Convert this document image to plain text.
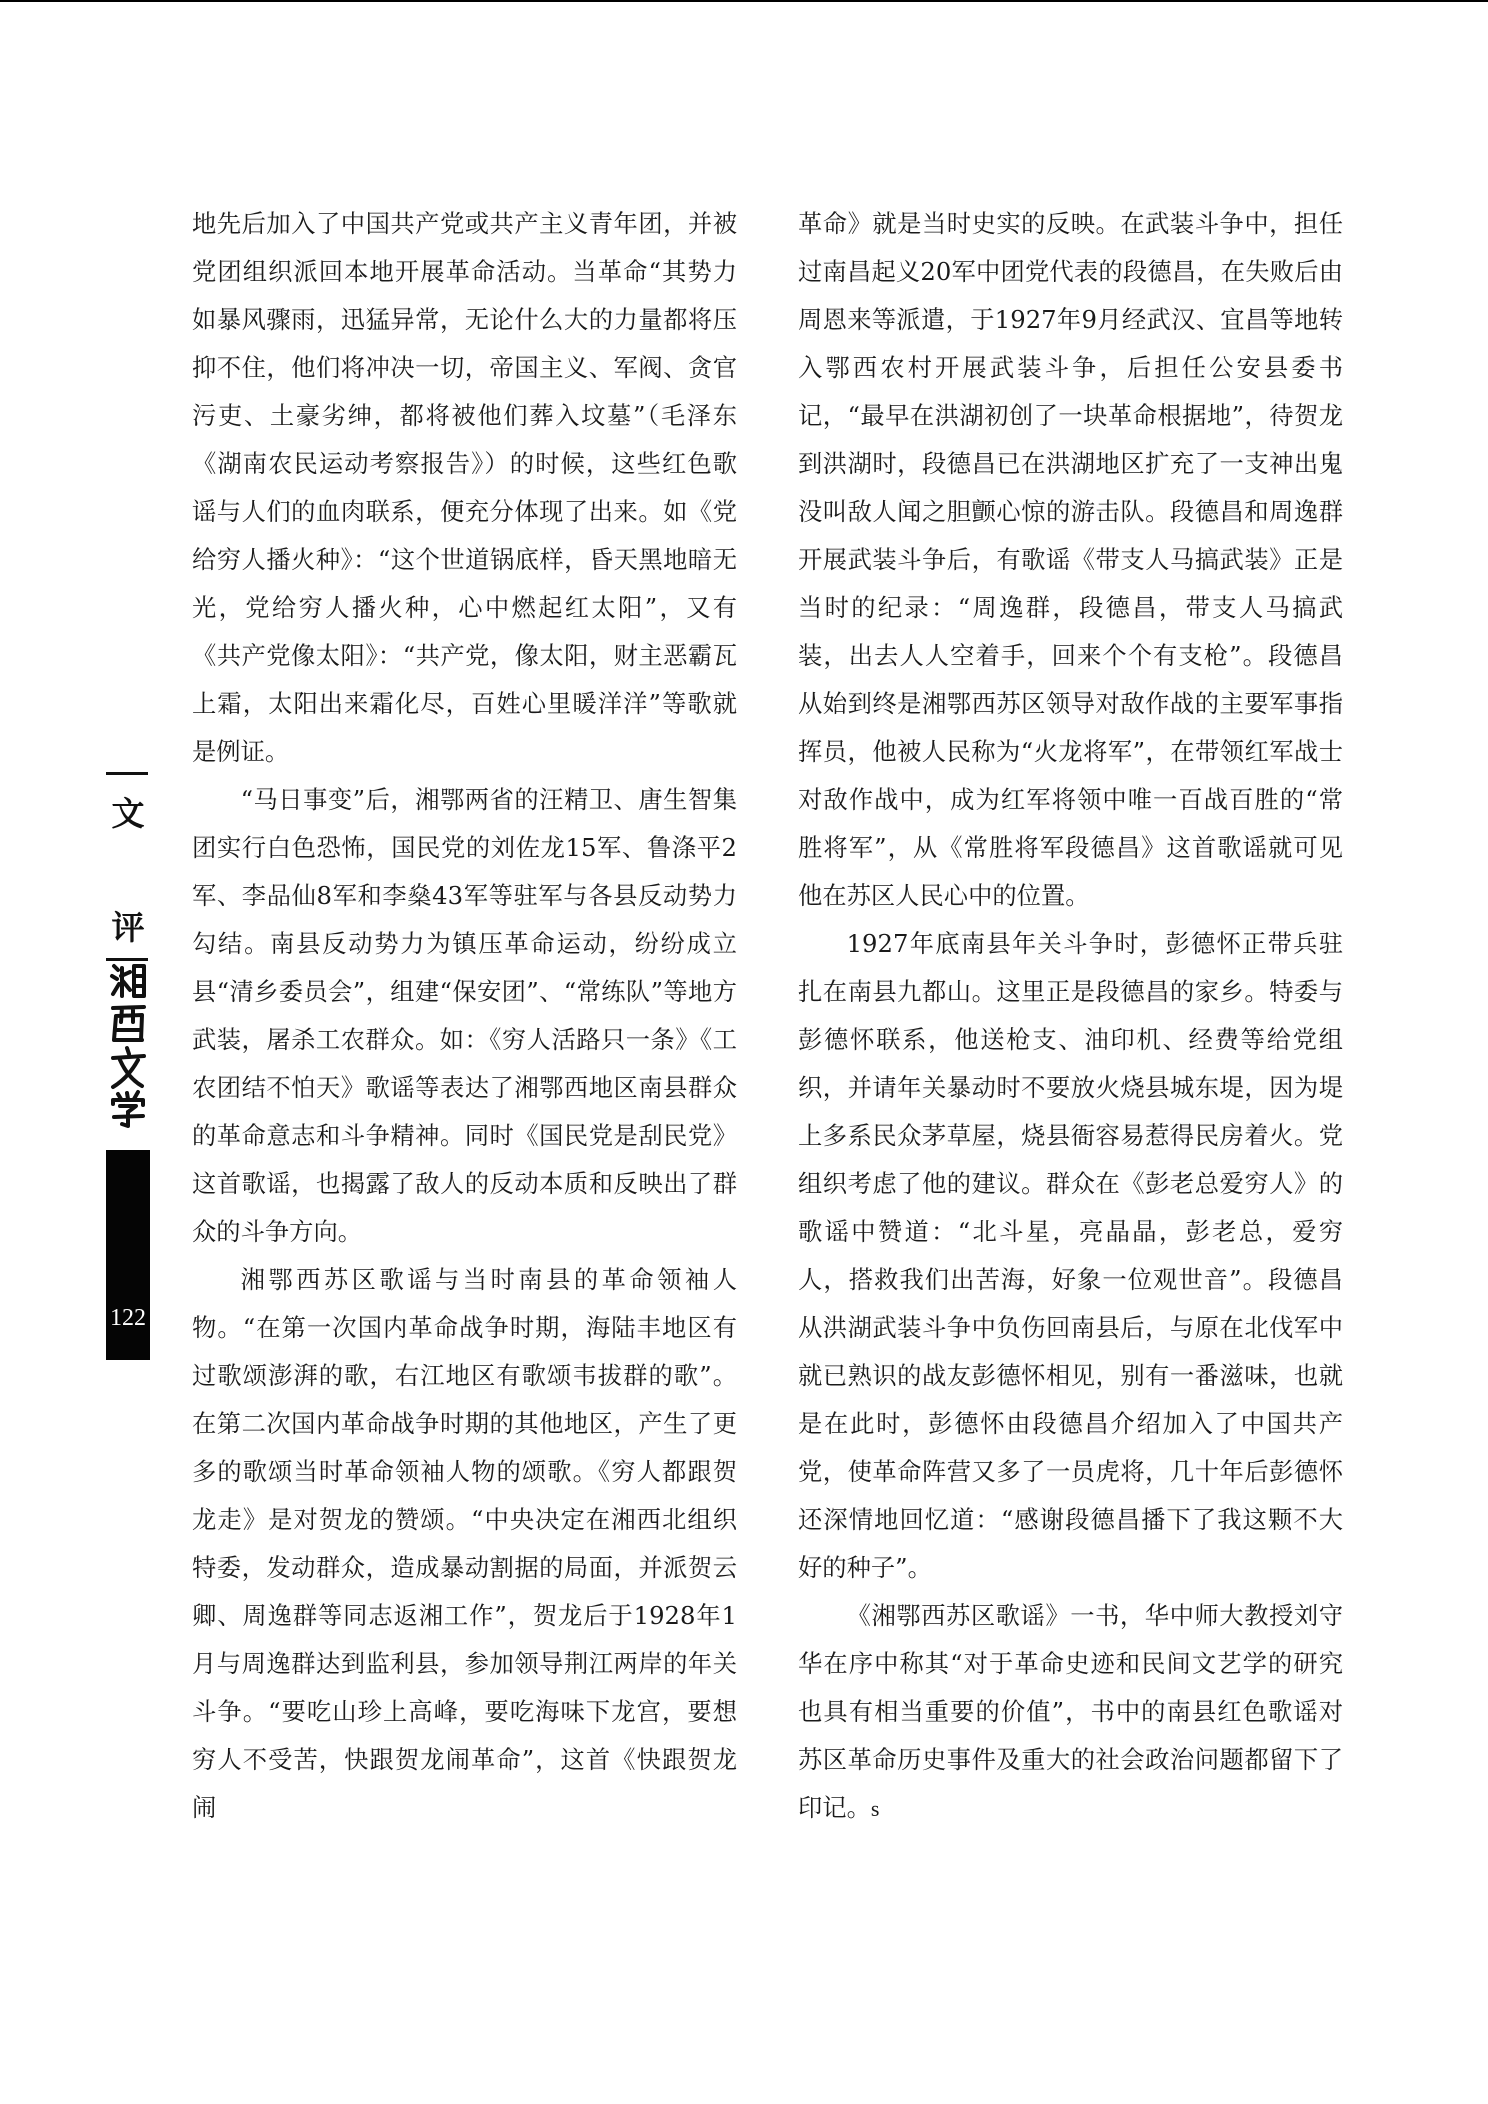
文
评
122

地先后加入了中国共产党或共产主义青年团，并被党团组织派回本地开展革命活动。当革命“其势力如暴风骤雨，迅猛异常，无论什么大的力量都将压抑不住，他们将冲决一切，帝国主义、军阀、贪官污吏、土豪劣绅，都将被他们葬入坟墓”（毛泽东《湖南农民运动考察报告》）的时候，这些红色歌谣与人们的血肉联系，便充分体现了出来。如《党给穷人播火种》：“这个世道锅底样，昏天黑地暗无光，党给穷人播火种，心中燃起红太阳”，又有《共产党像太阳》：“共产党，像太阳，财主恶霸瓦上霜，太阳出来霜化尽，百姓心里暖洋洋”等歌就是例证。

“马日事变”后，湘鄂两省的汪精卫、唐生智集团实行白色恐怖，国民党的刘佐龙15军、鲁涤平2军、李品仙8军和李燊43军等驻军与各县反动势力勾结。南县反动势力为镇压革命运动，纷纷成立县“清乡委员会”，组建“保安团”、“常练队”等地方武装，屠杀工农群众。如：《穷人活路只一条》《工农团结不怕天》歌谣等表达了湘鄂西地区南县群众的革命意志和斗争精神。同时《国民党是刮民党》这首歌谣，也揭露了敌人的反动本质和反映出了群众的斗争方向。

湘鄂西苏区歌谣与当时南县的革命领袖人物。“在第一次国内革命战争时期，海陆丰地区有过歌颂澎湃的歌，右江地区有歌颂韦拔群的歌”。在第二次国内革命战争时期的其他地区，产生了更多的歌颂当时革命领袖人物的颂歌。《穷人都跟贺龙走》是对贺龙的赞颂。“中央决定在湘西北组织特委，发动群众，造成暴动割据的局面，并派贺云卿、周逸群等同志返湘工作”，贺龙后于1928年1月与周逸群达到监利县，参加领导荆江两岸的年关斗争。“要吃山珍上高峰，要吃海味下龙宫，要想穷人不受苦，快跟贺龙闹革命”，这首《快跟贺龙闹

革命》就是当时史实的反映。在武装斗争中，担任过南昌起义20军中团党代表的段德昌，在失败后由周恩来等派遣，于1927年9月经武汉、宜昌等地转入鄂西农村开展武装斗争，后担任公安县委书记，“最早在洪湖初创了一块革命根据地”，待贺龙到洪湖时，段德昌已在洪湖地区扩充了一支神出鬼没叫敌人闻之胆颤心惊的游击队。段德昌和周逸群开展武装斗争后，有歌谣《带支人马搞武装》正是当时的纪录：“周逸群，段德昌，带支人马搞武装，出去人人空着手，回来个个有支枪”。段德昌从始到终是湘鄂西苏区领导对敌作战的主要军事指挥员，他被人民称为“火龙将军”，在带领红军战士对敌作战中，成为红军将领中唯一百战百胜的“常胜将军”，从《常胜将军段德昌》这首歌谣就可见他在苏区人民心中的位置。

1927年底南县年关斗争时，彭德怀正带兵驻扎在南县九都山。这里正是段德昌的家乡。特委与彭德怀联系，他送枪支、油印机、经费等给党组织，并请年关暴动时不要放火烧县城东堤，因为堤上多系民众茅草屋，烧县衙容易惹得民房着火。党组织考虑了他的建议。群众在《彭老总爱穷人》的歌谣中赞道：“北斗星，亮晶晶，彭老总，爱穷人，搭救我们出苦海，好象一位观世音”。段德昌从洪湖武装斗争中负伤回南县后，与原在北伐军中就已熟识的战友彭德怀相见，别有一番滋味，也就是在此时，彭德怀由段德昌介绍加入了中国共产党，使革命阵营又多了一员虎将，几十年后彭德怀还深情地回忆道：“感谢段德昌播下了我这颗不大好的种子”。

《湘鄂西苏区歌谣》一书，华中师大教授刘守华在序中称其“对于革命史迹和民间文艺学的研究也具有相当重要的价值”，书中的南县红色歌谣对苏区革命历史事件及重大的社会政治问题都留下了印记。s
